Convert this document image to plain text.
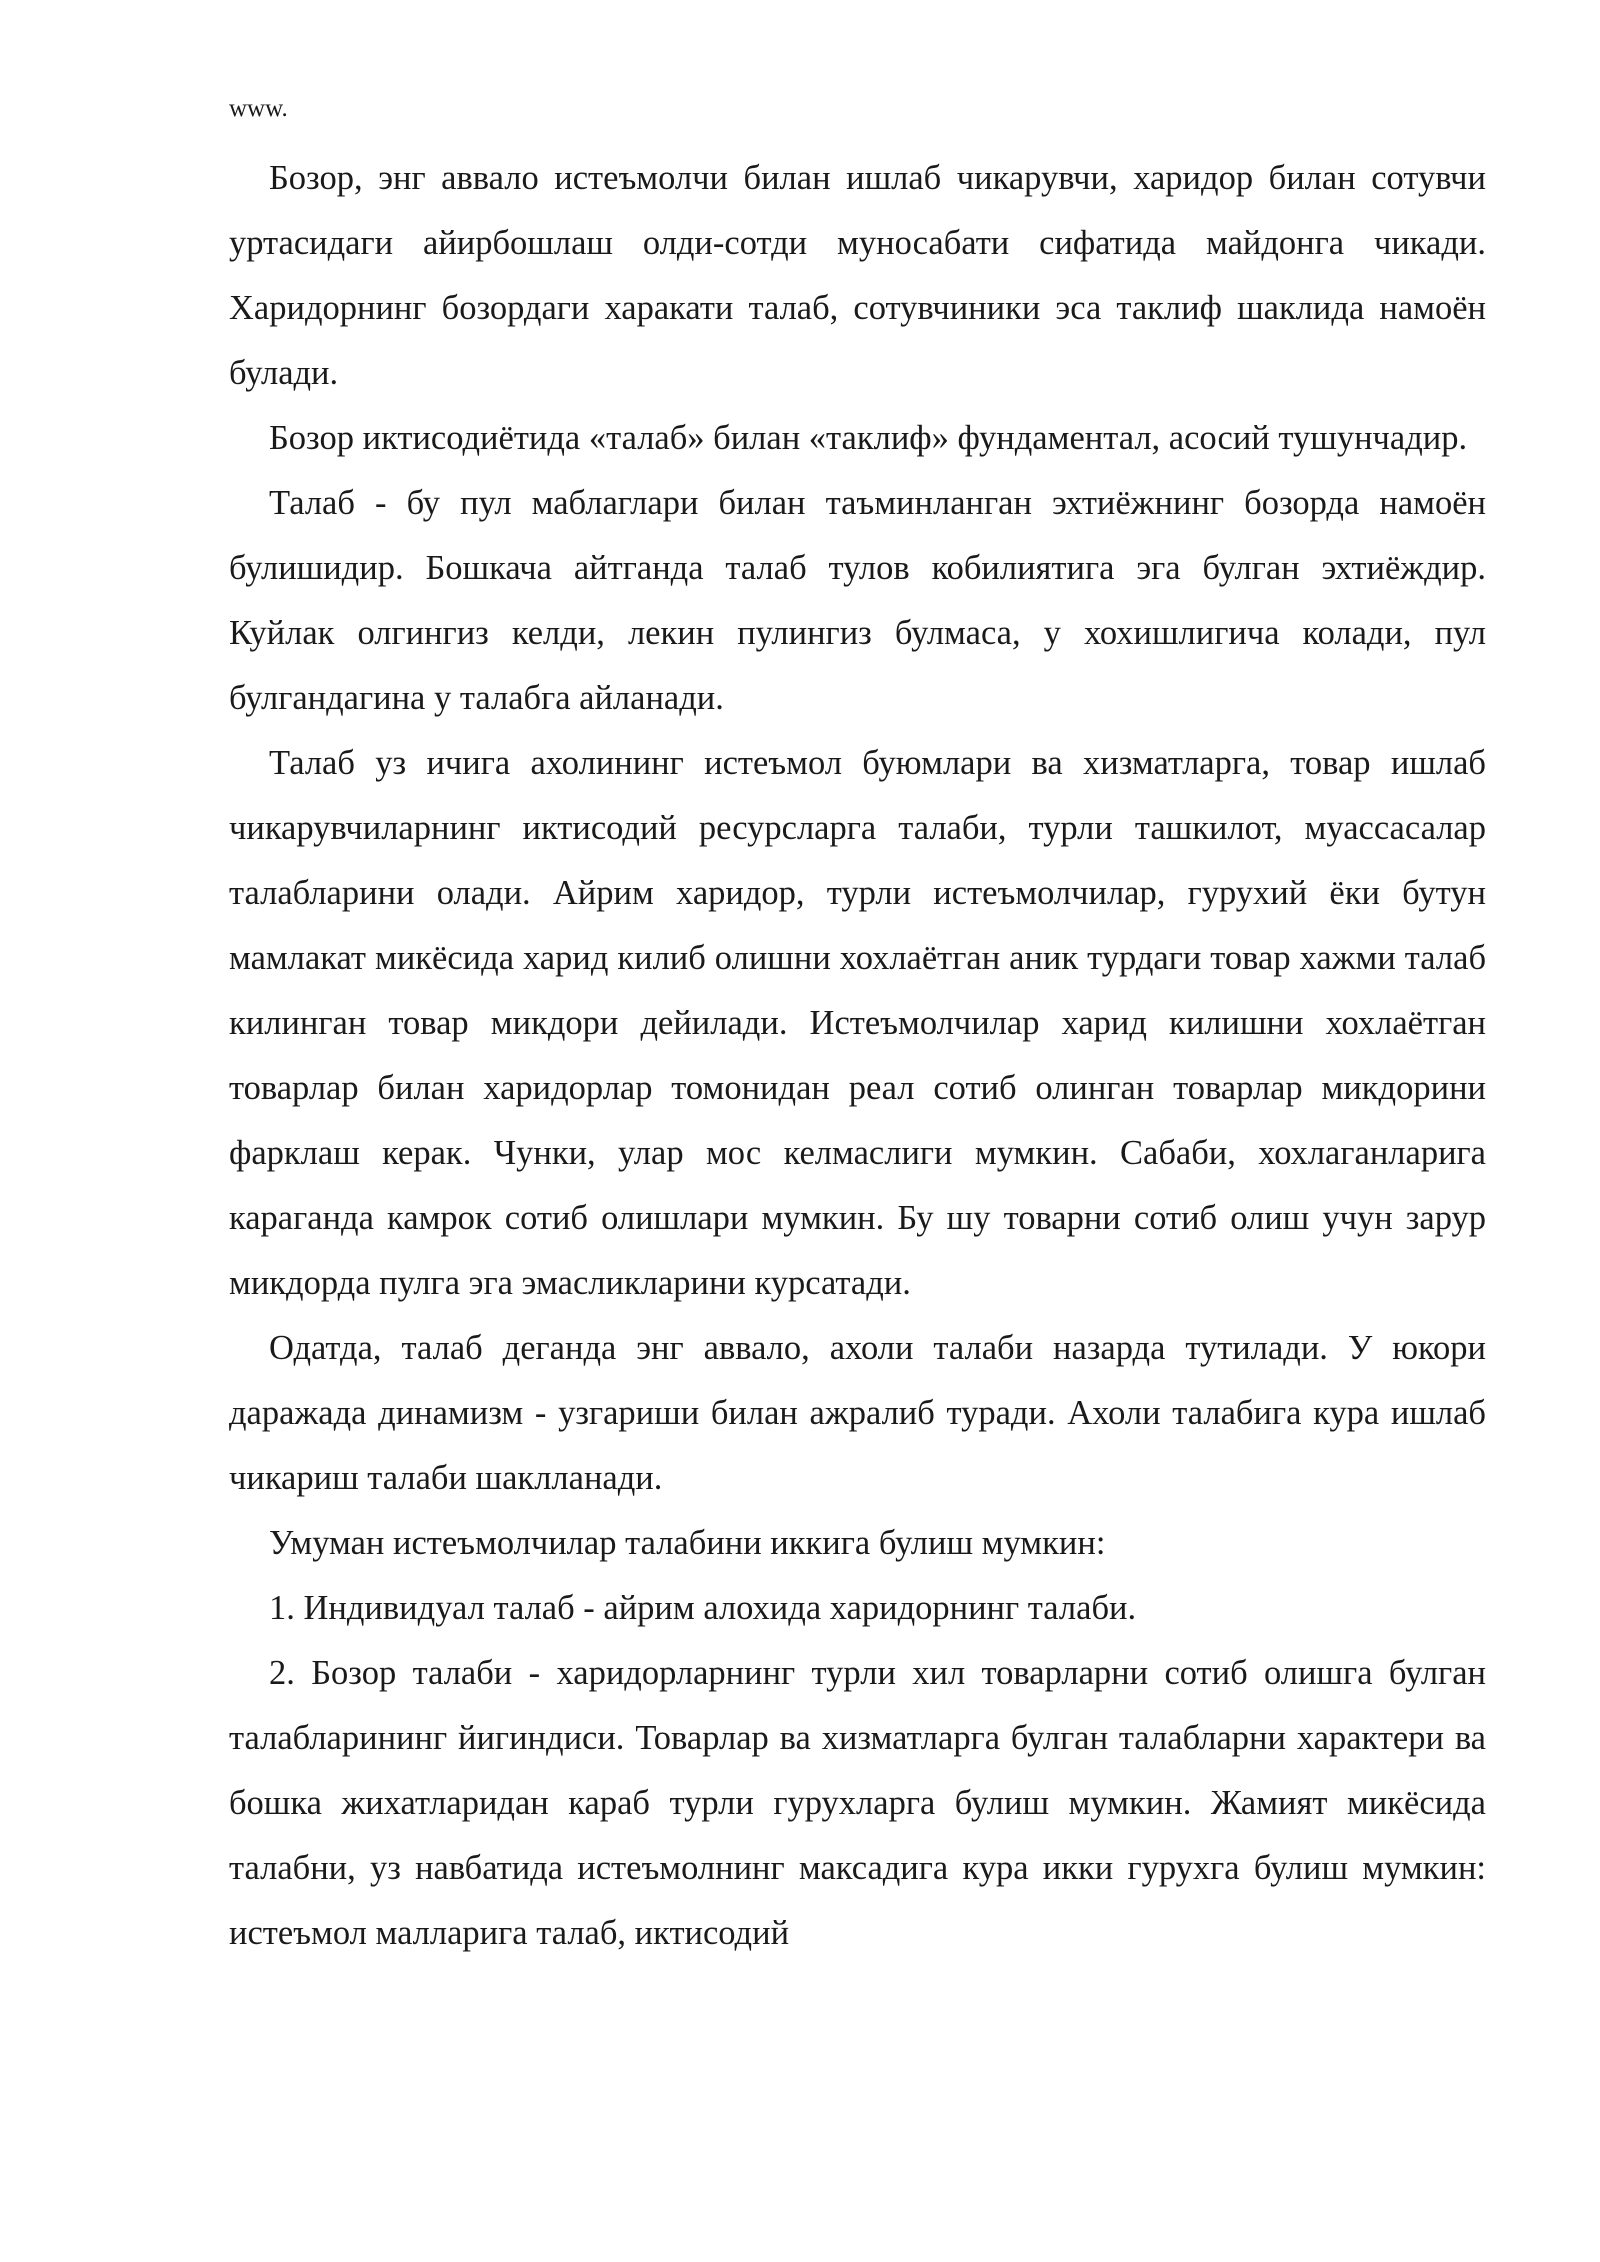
www.

Бозор, энг аввало истеъмолчи билан ишлаб чикарувчи, харидор билан сотувчи уртасидаги айирбошлаш олди-сотди муносабати сифатида майдонга чикади. Харидорнинг бозордаги харакати талаб, сотувчиники эса таклиф шаклида намоён булади.

Бозор иктисодиётида «талаб» билан «таклиф» фундаментал, асосий тушунчадир.

Талаб - бу пул маблаглари билан таъминланган эхтиёжнинг бозорда намоён булишидир. Бошкача айтганда талаб тулов кобилиятига эга булган эхтиёждир. Куйлак олгингиз келди, лекин пулингиз булмаса, у хохишлигича колади, пул булгандагина у талабга айланади.

Талаб уз ичига ахолининг истеъмол буюмлари ва хизматларга, товар ишлаб чикарувчиларнинг иктисодий ресурсларга талаби, турли ташкилот, муассасалар талабларини олади. Айрим харидор, турли истеъмолчилар, гурухий ёки бутун мамлакат микёсида харид килиб олишни хохлаётган аник турдаги товар хажми талаб килинган товар микдори дейилади. Истеъмолчилар харид килишни хохлаётган товарлар билан харидорлар томонидан реал сотиб олинган товарлар микдорини фарклаш керак. Чунки, улар мос келмаслиги мумкин. Сабаби, хохлаганларига караганда камрок сотиб олишлари мумкин. Бу шу товарни сотиб олиш учун зарур микдорда пулга эга эмасликларини курсатади.

Одатда, талаб деганда энг аввало, ахоли талаби назарда тутилади. У юкори даражада динамизм - узгариши билан ажралиб туради. Ахоли талабига кура ишлаб чикариш талаби шаклланади.

Умуман истеъмолчилар талабини иккига булиш мумкин:

1. Индивидуал талаб - айрим алохида харидорнинг талаби.

2. Бозор талаби - харидорларнинг турли хил товарларни сотиб олишга булган талабларининг йигиндиси. Товарлар ва хизматларга булган талабларни характери ва бошка жихатларидан караб турли гурухларга булиш мумкин. Жамият микёсида талабни, уз навбатида истеъмолнинг максадига кура икки гурухга булиш мумкин: истеъмол малларига талаб, иктисодий
